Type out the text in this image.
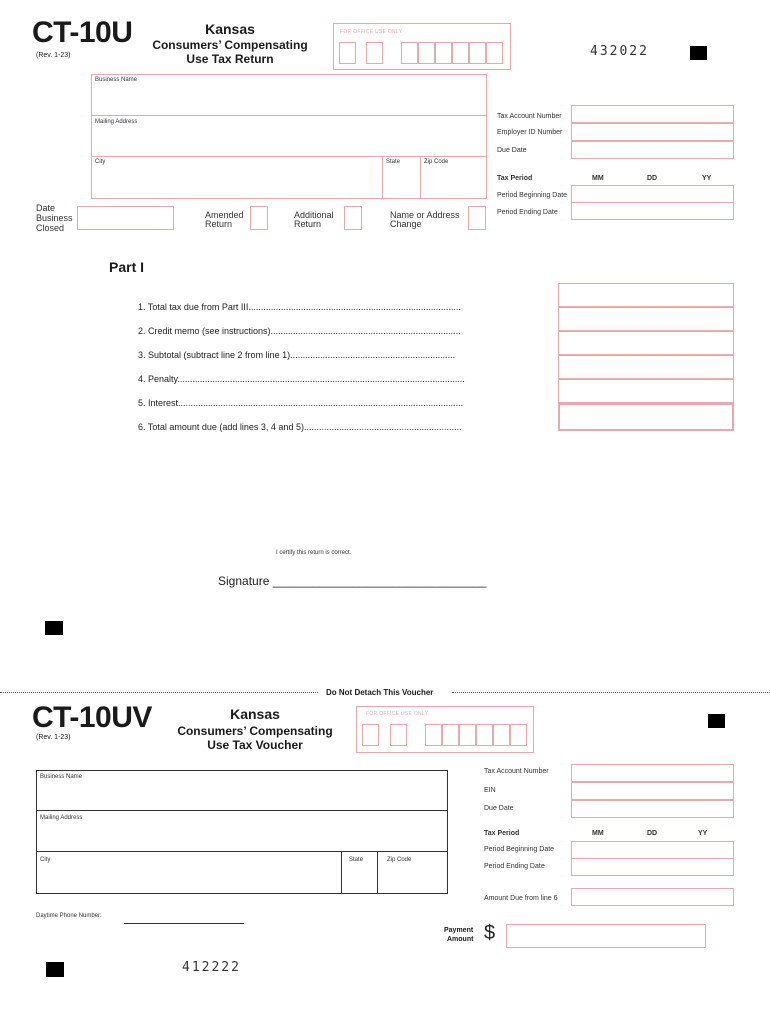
CT-10U
(Rev. 1-23)
Kansas
Consumers’ Compensating
Use Tax Return
FOR OFFICE USE ONLY
432022
Business Name
Mailing Address
City	State	Zip Code
Tax Account Number
Employer ID Number
Due Date
Tax Period	MM	DD	YY
Period Beginning Date
Period Ending Date
Date
Business
Closed
Amended
Return
Additional
Return
Name or Address
Change
Part I
1. Total tax due from Part III.....................................................................................
2. Credit memo (see instructions)............................................................................
3. Subtotal (subtract line 2 from line 1)..................................................................
4. Penalty...................................................................................................................
5. Interest..................................................................................................................
6. Total amount due (add lines 3, 4 and 5)...............................................................
I certify this return is correct.
Signature ________________________________
Do Not Detach This Voucher
CT-10UV
(Rev. 1-23)
Kansas
Consumers’ Compensating
Use Tax Voucher
FOR OFFICE USE ONLY
Business Name
Mailing Address
City	State	Zip Code
Tax Account Number
EIN
Due Date
Tax Period	MM	DD	YY
Period Beginning Date
Period Ending Date
Amount Due from line 6
Daytime Phone Number:
Payment
Amount $
412222
